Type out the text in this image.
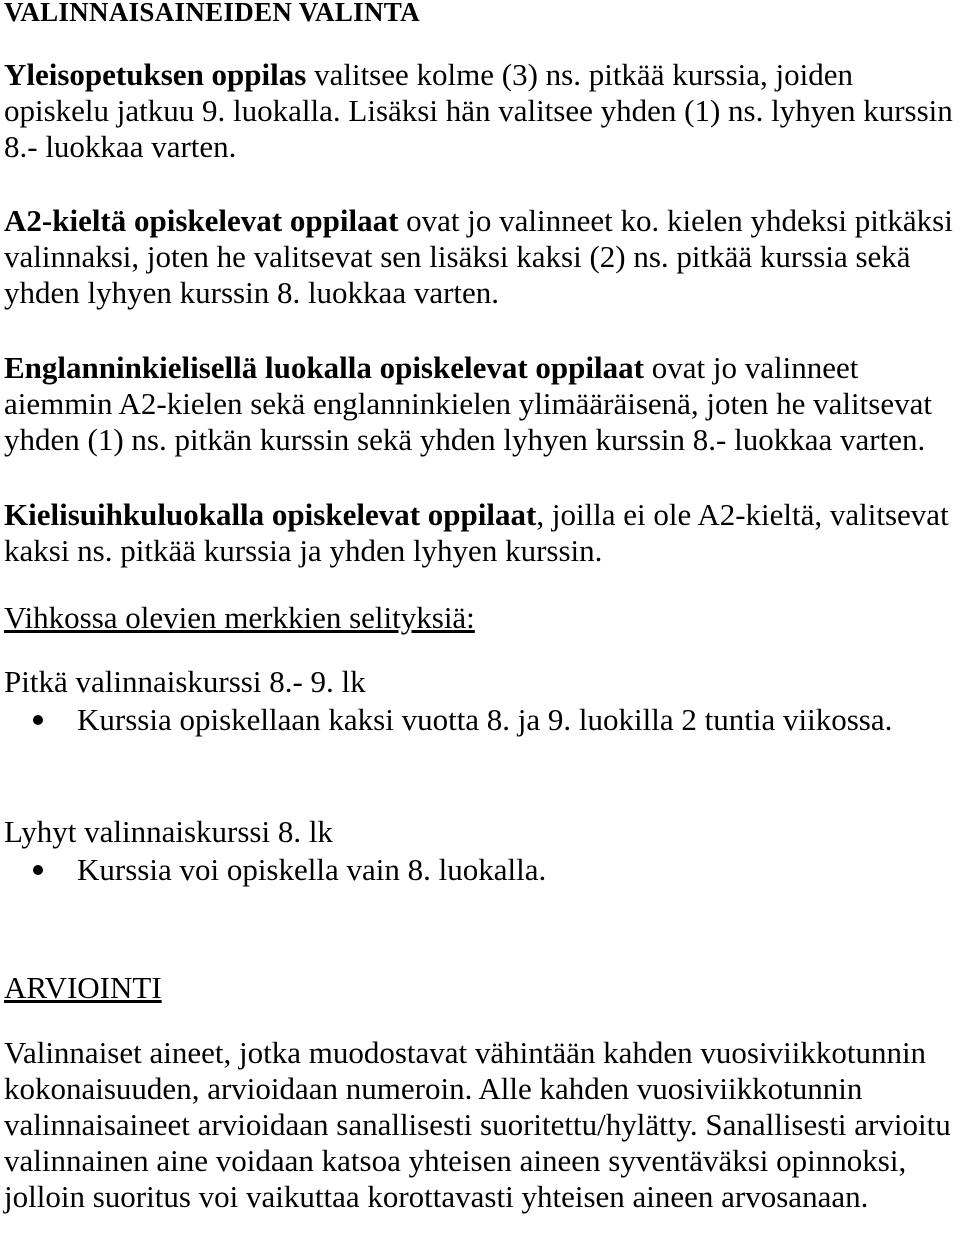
VALINNAISAINEIDEN VALINTA

Yleisopetuksen oppilas valitsee kolme (3) ns. pitkää kurssia, joiden opiskelu jatkuu 9. luokalla. Lisäksi hän valitsee yhden (1) ns. lyhyen kurssin 8.- luokkaa varten.

A2-kieltä opiskelevat oppilaat ovat jo valinneet ko. kielen yhdeksi pitkäksi valinnaksi, joten he valitsevat sen lisäksi kaksi (2) ns. pitkää kurssia sekä yhden lyhyen kurssin 8. luokkaa varten.

Englanninkielisellä luokalla opiskelevat oppilaat ovat jo valinneet aiemmin A2-kielen sekä englanninkielen ylimääräisenä, joten he valitsevat yhden (1) ns. pitkän kurssin sekä yhden lyhyen kurssin 8.- luokkaa varten.

Kielisuihkuluokalla opiskelevat oppilaat, joilla ei ole A2-kieltä, valitsevat kaksi ns. pitkää kurssia ja yhden lyhyen kurssin.

Vihkossa olevien merkkien selityksiä:
Pitkä valinnaiskurssi 8.- 9. lk
Kurssia opiskellaan kaksi vuotta 8. ja 9. luokilla 2 tuntia viikossa.
Lyhyt valinnaiskurssi 8. lk
Kurssia voi opiskella vain 8. luokalla.
ARVIOINTI

Valinnaiset aineet, jotka muodostavat vähintään kahden vuosiviikkotunnin kokonaisuuden, arvioidaan numeroin. Alle kahden vuosiviikkotunnin valinnaisaineet arvioidaan sanallisesti suoritettu/hylätty. Sanallisesti arvioitu valinnainen aine voidaan katsoa yhteisen aineen syventäväksi opinnoksi, jolloin suoritus voi vaikuttaa korottavasti yhteisen aineen arvosanaan.
